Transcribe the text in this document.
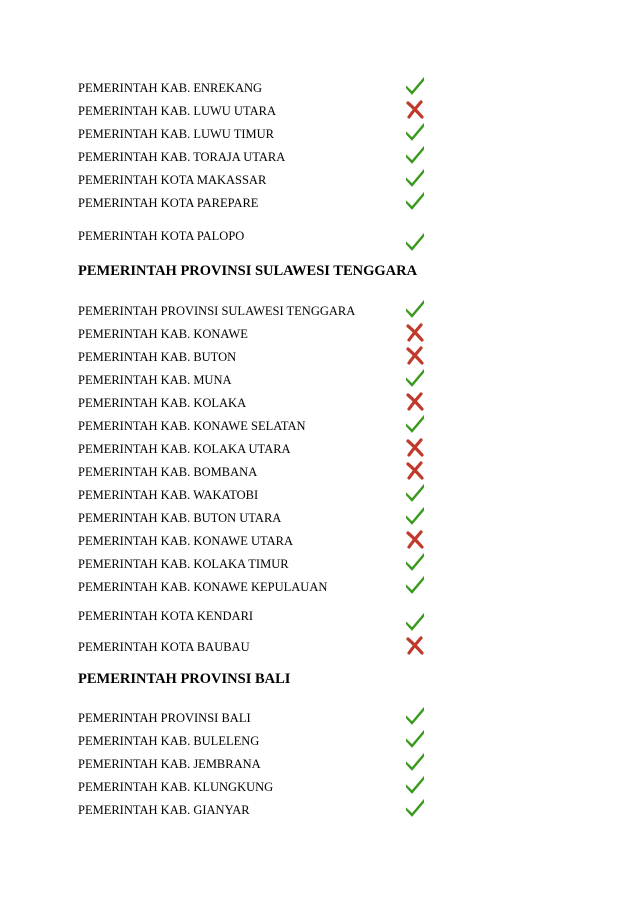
PEMERINTAH KAB. ENREKANG
PEMERINTAH KAB. LUWU UTARA
PEMERINTAH KAB. LUWU TIMUR
PEMERINTAH KAB. TORAJA UTARA
PEMERINTAH KOTA MAKASSAR
PEMERINTAH KOTA PAREPARE
PEMERINTAH KOTA PALOPO
PEMERINTAH PROVINSI SULAWESI TENGGARA
PEMERINTAH PROVINSI SULAWESI TENGGARA
PEMERINTAH KAB. KONAWE
PEMERINTAH KAB. BUTON
PEMERINTAH KAB. MUNA
PEMERINTAH KAB. KOLAKA
PEMERINTAH KAB. KONAWE SELATAN
PEMERINTAH KAB. KOLAKA UTARA
PEMERINTAH KAB. BOMBANA
PEMERINTAH KAB. WAKATOBI
PEMERINTAH KAB. BUTON UTARA
PEMERINTAH KAB. KONAWE UTARA
PEMERINTAH KAB. KOLAKA TIMUR
PEMERINTAH KAB. KONAWE KEPULAUAN
PEMERINTAH KOTA KENDARI
PEMERINTAH KOTA BAUBAU
PEMERINTAH PROVINSI BALI
PEMERINTAH PROVINSI BALI
PEMERINTAH KAB. BULELENG
PEMERINTAH KAB. JEMBRANA
PEMERINTAH KAB. KLUNGKUNG
PEMERINTAH KAB. GIANYAR
